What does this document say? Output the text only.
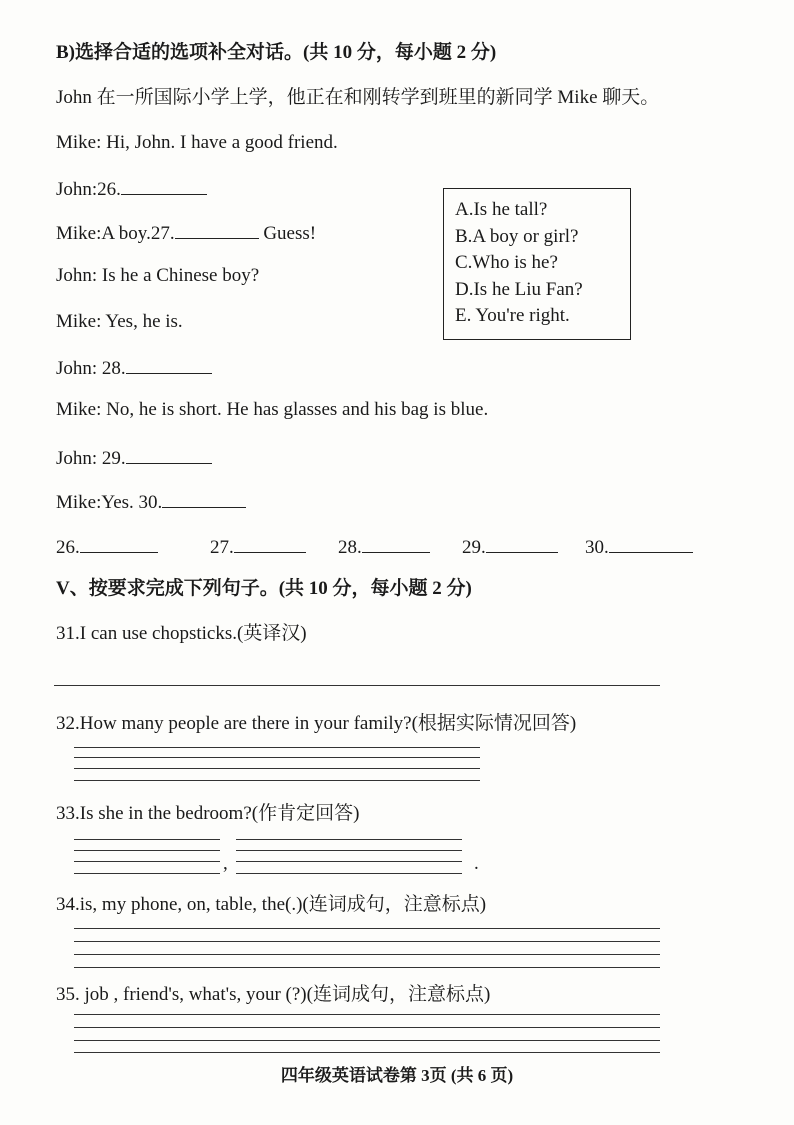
B)选择合适的选项补全对话。(共 10 分，每小题 2 分)
John 在一所国际小学上学，他正在和刚转学到班里的新同学 Mike 聊天。
Mike: Hi, John. I have a good friend.
John:26.
Mike:A boy.27.	Guess!
John: Is he a Chinese boy?
Mike: Yes, he is.
John: 28.
Mike: No, he is short. He has glasses and his bag is blue.
John: 29.
Mike:Yes. 30.
A.Is he tall?
B.A boy or girl?
C.Who is he?
D.Is he Liu Fan?
E. You're right.
26.	27.	28.	29.	30.
V、按要求完成下列句子。(共 10 分，每小题 2 分)
31.I can use chopsticks.(英译汉)
32.How many people are there in your family?(根据实际情况回答)
33.Is she in the bedroom?(作肯定回答)
,	.
34.is, my phone, on, table, the(.)(连词成句，注意标点)
35. job , friend's, what's, your (?)(连词成句，注意标点)
四年级英语试卷第 3页 (共 6 页)
